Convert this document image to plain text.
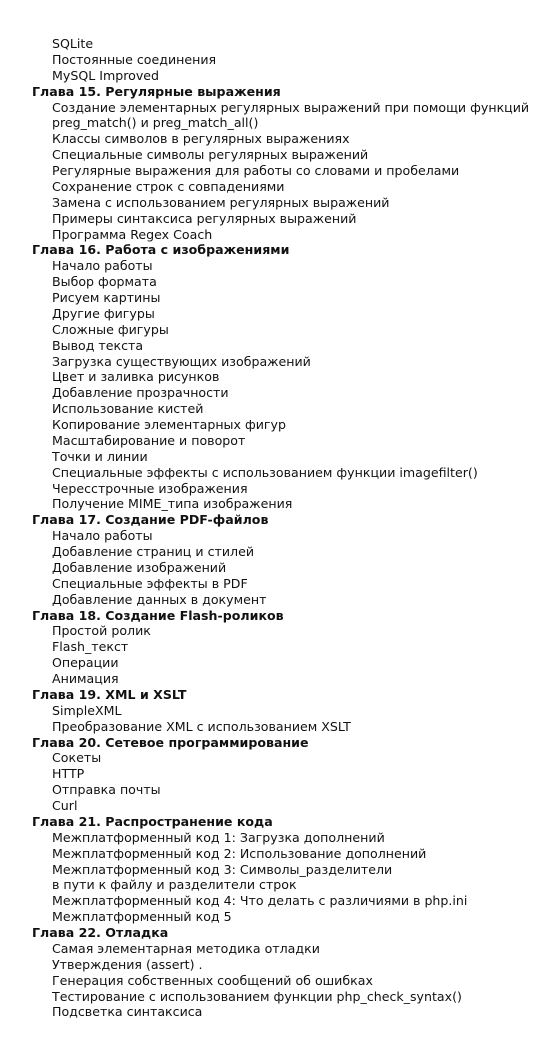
SQLite
Постоянные соединения
MySQL Improved
Глава 15. Регулярные выражения
Создание элементарных регулярных выражений при помощи функций
preg_match() и preg_match_all()
Классы символов в регулярных выражениях
Специальные символы регулярных выражений
Регулярные выражения для работы со словами и пробелами
Сохранение строк с совпадениями
Замена с использованием регулярных выражений
Примеры синтаксиса регулярных выражений
Программа Regex Coach
Глава 16. Работа с изображениями
Начало работы
Выбор формата
Рисуем картины
Другие фигуры
Сложные фигуры
Вывод текста
Загрузка существующих изображений
Цвет и заливка рисунков
Добавление прозрачности
Использование кистей
Копирование элементарных фигур
Масштабирование и поворот
Точки и линии
Специальные эффекты с использованием функции imagefilter()
Чересстрочные изображения
Получение MIME_типа изображения
Глава 17. Создание PDF-файлов
Начало работы
Добавление страниц и стилей
Добавление изображений
Специальные эффекты в PDF
Добавление данных в документ
Глава 18. Создание Flash-роликов
Простой ролик
Flash_текст
Операции
Анимация
Глава 19. XML и XSLT
SimpleXML
Преобразование XML с использованием XSLT
Глава 20. Сетевое программирование
Сокеты
HTTP
Отправка почты
Curl
Глава 21. Распространение кода
Межплатформенный код 1: Загрузка дополнений
Межплатформенный код 2: Использование дополнений
Межплатформенный код 3: Символы_разделители
в пути к файлу и разделители строк
Межплатформенный код 4: Что делать с различиями в php.ini
Межплатформенный код 5
Глава 22. Отладка
Самая элементарная методика отладки
Утверждения (assert) .
Генерация собственных сообщений об ошибках
Тестирование с использованием функции php_check_syntax()
Подсветка синтаксиса
